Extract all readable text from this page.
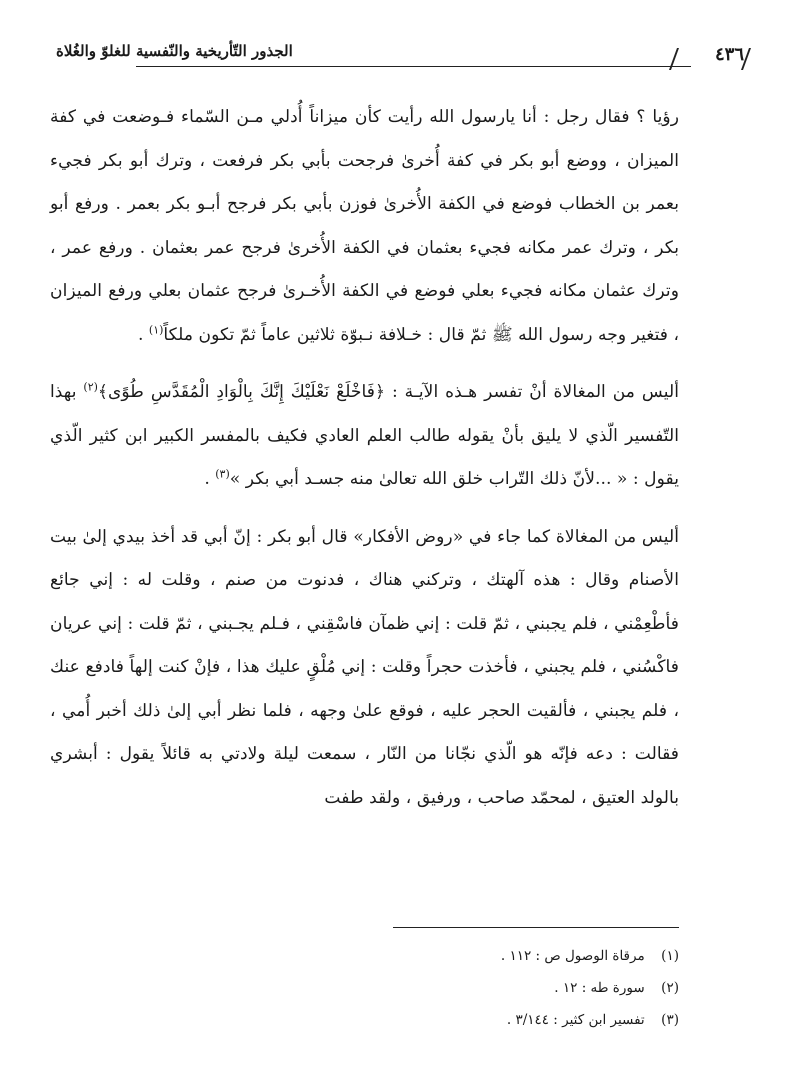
الجذور التّأريخية والنّفسية للغلوّ والغُلاة	٤٣٦

رؤيا ؟ فقال رجل : أنا يارسول الله رأيت كأن ميزاناً أُدلي مـن السّماء فـوضعت في كفة الميزان ، ووضع أبو بكر في كفة أُخرىٰ فرجحت بأبي بكر فرفعت ، وترك أبو بكر فجيء بعمر بن الخطاب فوضع في الكفة الأُخرىٰ فوزن بأبي بكر فرجح أبـو بكر بعمر . ورفع أبو بكر ، وترك عمر مكانه فجيء بعثمان في الكفة الأُخرىٰ فرجح عمر بعثمان . ورفع عمر ، وترك عثمان مكانه فجيء بعلي فوضع في الكفة الأُخـرىٰ فرجح عثمان بعلي ورفع الميزان ، فتغير وجه رسول الله ﷺ ثمّ قال : خـلافة نـبوّة ثلاثين عاماً ثمّ تكون ملكاً$^{(١)}$ .

أليس من المغالاة أنْ تفسر هـذه الآيـة : ﴿فَاخْلَعْ نَعْلَيْكَ إِنَّكَ بِالْوَادِ الْمُقَدَّسِ طُوًى﴾$^{(٢)}$ بهذا التّفسير الّذي لا يليق بأنْ يقوله طالب العلم العادي فكيف بالمفسر الكبير ابن كثير الّذي يقول : « ...لأنّ ذلك التّراب خلق الله تعالىٰ منه جسـد أبي بكر »$^{(٣)}$ .

أليس من المغالاة كما جاء في «روض الأفكار» قال أبو بكر : إنّ أبي قد أخذ بيدي إلىٰ بيت الأصنام وقال : هذه آلهتك ، وتركني هناك ، فدنوت من صنم ، وقلت له : إني جائع فأطْعِمْني ، فلم يجبني ، ثمّ قلت : إني ظمآن فاسْقِني ، فـلم يجـبني ، ثمّ قلت : إني عريان فاكْسُني ، فلم يجبني ، فأخذت حجراً وقلت : إني مُلْقٍ عليك هذا ، فإنْ كنت إلهاً فادفع عنك ، فلم يجبني ، فألقيت الحجر عليه ، فوقع علىٰ وجهه ، فلما نظر أبي إلىٰ ذلك أخبر أُمي ، فقالت : دعه فإنّه هو الّذي نجّانا من النّار ، سمعت ليلة ولادتي به قائلاً يقول : أبشري بالولد العتيق ، لمحمّد صاحب ، ورفيق ، ولقد طفت

(١) مرقاة الوصول ص : ١١٢ .

(٢) سورة طه : ١٢ .

(٣) تفسير ابن كثير : ٣/١٤٤ .
